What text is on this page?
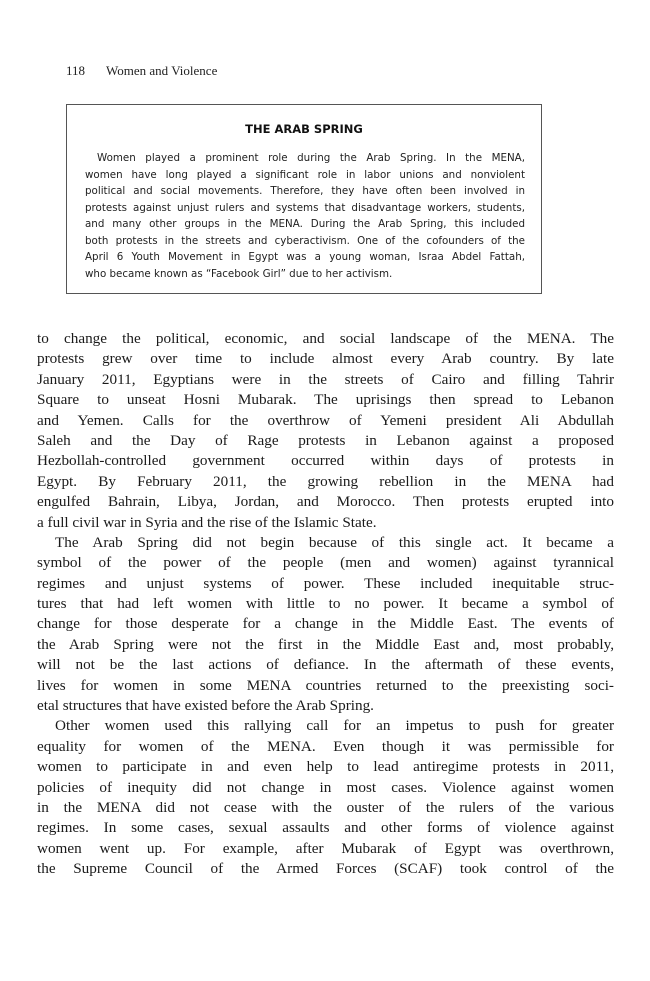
118 Women and Violence
THE ARAB SPRING
Women played a prominent role during the Arab Spring. In the MENA,
women have long played a significant role in labor unions and nonviolent
political and social movements. Therefore, they have often been involved in
protests against unjust rulers and systems that disadvantage workers, students,
and many other groups in the MENA. During the Arab Spring, this included
both protests in the streets and cyberactivism. One of the cofounders of the
April 6 Youth Movement in Egypt was a young woman, Israa Abdel Fattah,
who became known as “Facebook Girl” due to her activism.
to change the political, economic, and social landscape of the MENA. The
protests grew over time to include almost every Arab country. By late
January 2011, Egyptians were in the streets of Cairo and filling Tahrir
Square to unseat Hosni Mubarak. The uprisings then spread to Lebanon
and Yemen. Calls for the overthrow of Yemeni president Ali Abdullah
Saleh and the Day of Rage protests in Lebanon against a proposed
Hezbollah-controlled government occurred within days of protests in
Egypt. By February 2011, the growing rebellion in the MENA had
engulfed Bahrain, Libya, Jordan, and Morocco. Then protests erupted into
a full civil war in Syria and the rise of the Islamic State.
The Arab Spring did not begin because of this single act. It became a
symbol of the power of the people (men and women) against tyrannical
regimes and unjust systems of power. These included inequitable struc-
tures that had left women with little to no power. It became a symbol of
change for those desperate for a change in the Middle East. The events of
the Arab Spring were not the first in the Middle East and, most probably,
will not be the last actions of defiance. In the aftermath of these events,
lives for women in some MENA countries returned to the preexisting soci-
etal structures that have existed before the Arab Spring.
Other women used this rallying call for an impetus to push for greater
equality for women of the MENA. Even though it was permissible for
women to participate in and even help to lead antiregime protests in 2011,
policies of inequity did not change in most cases. Violence against women
in the MENA did not cease with the ouster of the rulers of the various
regimes. In some cases, sexual assaults and other forms of violence against
women went up. For example, after Mubarak of Egypt was overthrown,
the Supreme Council of the Armed Forces (SCAF) took control of the
